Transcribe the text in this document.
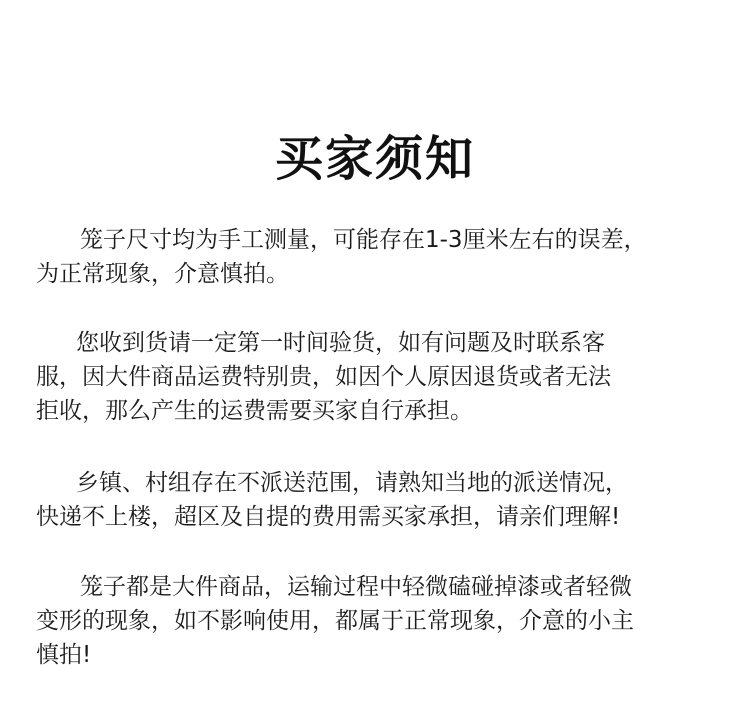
买家须知

笼子尺寸均为手工测量，可能存在1-3厘米左右的误差，
为正常现象，介意慎拍。

您收到货请一定第一时间验货，如有问题及时联系客
服，因大件商品运费特别贵，如因个人原因退货或者无法
拒收，那么产生的运费需要买家自行承担。

乡镇、村组存在不派送范围，请熟知当地的派送情况，
快递不上楼，超区及自提的费用需买家承担，请亲们理解!

笼子都是大件商品，运输过程中轻微磕碰掉漆或者轻微
变形的现象，如不影响使用，都属于正常现象，介意的小主
慎拍!
